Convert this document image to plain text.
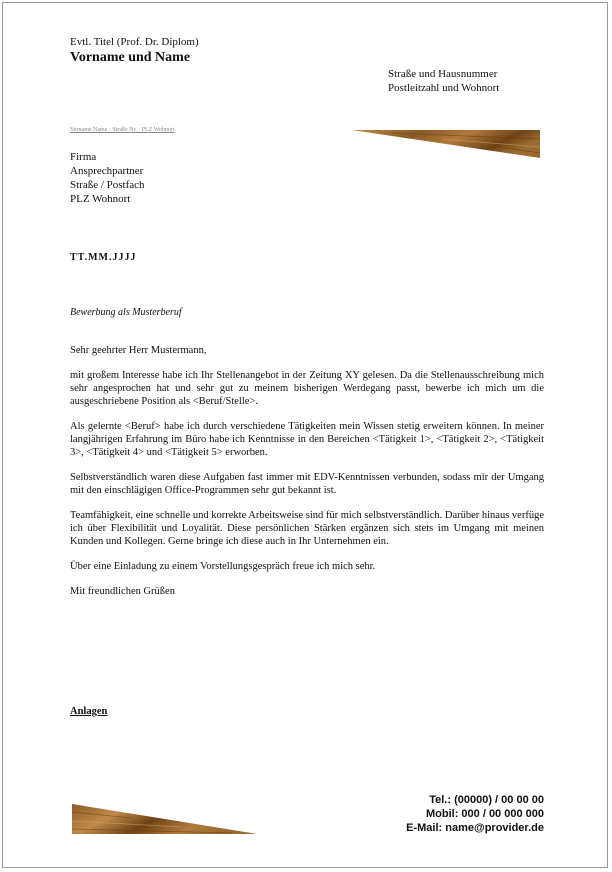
Evtl. Titel (Prof. Dr. Diplom)
Vorname und Name
Straße und Hausnummer
Postleitzahl und Wohnort
Vorname Name · Straße Nr. · PLZ Wohnort
Firma
Ansprechpartner
Straße / Postfach
PLZ Wohnort
TT.MM.JJJJ
Bewerbung als Musterberuf

Sehr geehrter Herr Mustermann,

mit großem Interesse habe ich Ihr Stellenangebot in der Zeitung XY gelesen. Da die Stellenausschreibung mich sehr angesprochen hat und sehr gut zu meinem bisherigen Werdegang passt, bewerbe ich mich um die ausgeschriebene Position als <Beruf/Stelle>.

Als gelernte <Beruf> habe ich durch verschiedene Tätigkeiten mein Wissen stetig erweitern können. In meiner langjährigen Erfahrung im Büro habe ich Kenntnisse in den Bereichen <Tätigkeit 1>, <Tätigkeit 2>, <Tätigkeit 3>, <Tätigkeit 4> und <Tätigkeit 5> erworben.

Selbstverständlich waren diese Aufgaben fast immer mit EDV-Kenntnissen verbunden, sodass mir der Umgang mit den einschlägigen Office-Programmen sehr gut bekannt ist.

Teamfähigkeit, eine schnelle und korrekte Arbeitsweise sind für mich selbstverständlich. Darüber hinaus verfüge ich über Flexibilität und Loyalität. Diese persönlichen Stärken ergänzen sich stets im Umgang mit meinen Kunden und Kollegen. Gerne bringe ich diese auch in Ihr Unternehmen ein.

Über eine Einladung zu einem Vorstellungsgespräch freue ich mich sehr.

Mit freundlichen Grüßen

Anlagen
Tel.: (00000) / 00 00 00
Mobil: 000 / 00 000 000
E-Mail: name@provider.de
